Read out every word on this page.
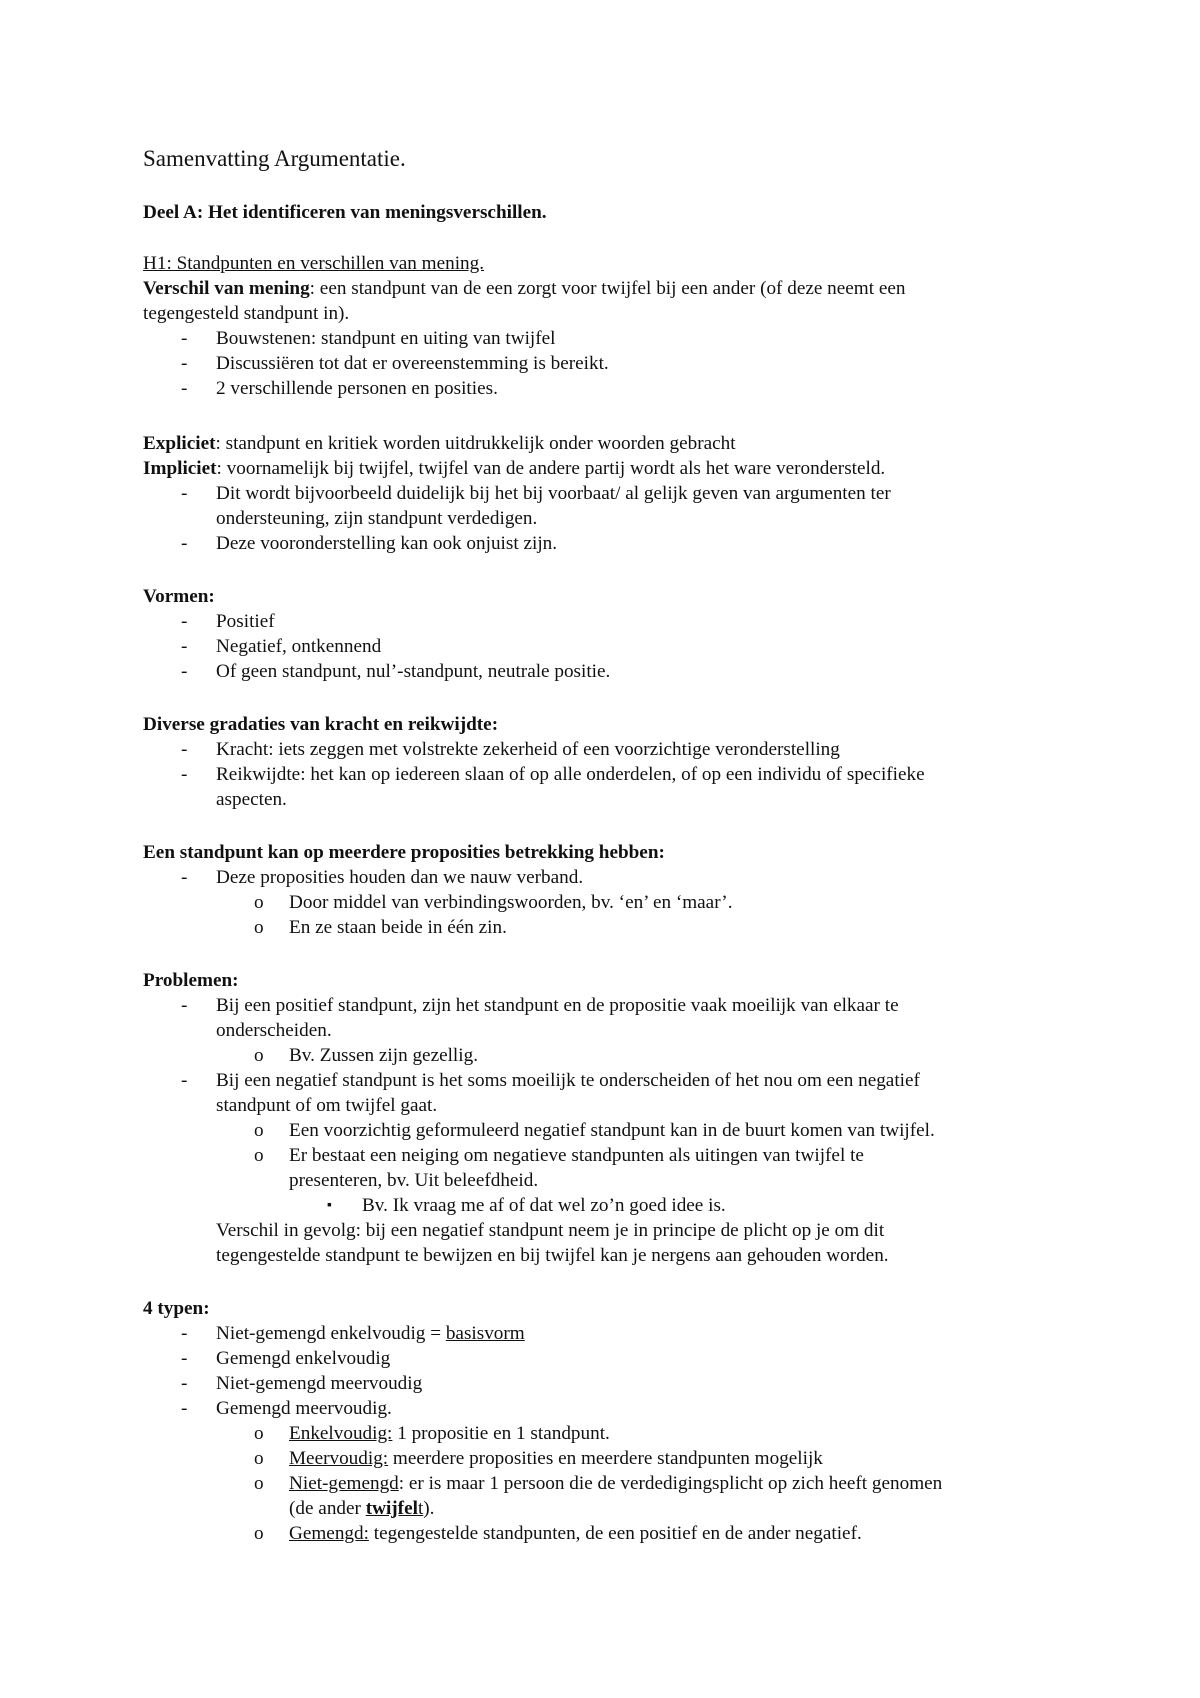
Samenvatting Argumentatie.
Deel A: Het identificeren van meningsverschillen.
H1: Standpunten en verschillen van mening.
Verschil van mening: een standpunt van de een zorgt voor twijfel bij een ander (of deze neemt een
tegengesteld standpunt in).
- Bouwstenen: standpunt en uiting van twijfel
- Discussiëren tot dat er overeenstemming is bereikt.
- 2 verschillende personen en posities.
Expliciet: standpunt en kritiek worden uitdrukkelijk onder woorden gebracht
Impliciet: voornamelijk bij twijfel, twijfel van de andere partij wordt als het ware verondersteld.
- Dit wordt bijvoorbeeld duidelijk bij het bij voorbaat/ al gelijk geven van argumenten ter
ondersteuning, zijn standpunt verdedigen.
- Deze vooronderstelling kan ook onjuist zijn.
Vormen:
- Positief
- Negatief, ontkennend
- Of geen standpunt, nul’-standpunt, neutrale positie.
Diverse gradaties van kracht en reikwijdte:
- Kracht: iets zeggen met volstrekte zekerheid of een voorzichtige veronderstelling
- Reikwijdte: het kan op iedereen slaan of op alle onderdelen, of op een individu of specifieke
aspecten.
Een standpunt kan op meerdere proposities betrekking hebben:
- Deze proposities houden dan we nauw verband.
o Door middel van verbindingswoorden, bv. ‘en’ en ‘maar’.
o En ze staan beide in één zin.
Problemen:
- Bij een positief standpunt, zijn het standpunt en de propositie vaak moeilijk van elkaar te
onderscheiden.
o Bv. Zussen zijn gezellig.
- Bij een negatief standpunt is het soms moeilijk te onderscheiden of het nou om een negatief
standpunt of om twijfel gaat.
o Een voorzichtig geformuleerd negatief standpunt kan in de buurt komen van twijfel.
o Er bestaat een neiging om negatieve standpunten als uitingen van twijfel te
presenteren, bv. Uit beleefdheid.
▪ Bv. Ik vraag me af of dat wel zo’n goed idee is.
Verschil in gevolg: bij een negatief standpunt neem je in principe de plicht op je om dit
tegengestelde standpunt te bewijzen en bij twijfel kan je nergens aan gehouden worden.
4 typen:
- Niet-gemengd enkelvoudig = basisvorm
- Gemengd enkelvoudig
- Niet-gemengd meervoudig
- Gemengd meervoudig.
o Enkelvoudig: 1 propositie en 1 standpunt.
o Meervoudig: meerdere proposities en meerdere standpunten mogelijk
o Niet-gemengd: er is maar 1 persoon die de verdedigingsplicht op zich heeft genomen
(de ander twijfelt).
o Gemengd: tegengestelde standpunten, de een positief en de ander negatief.
